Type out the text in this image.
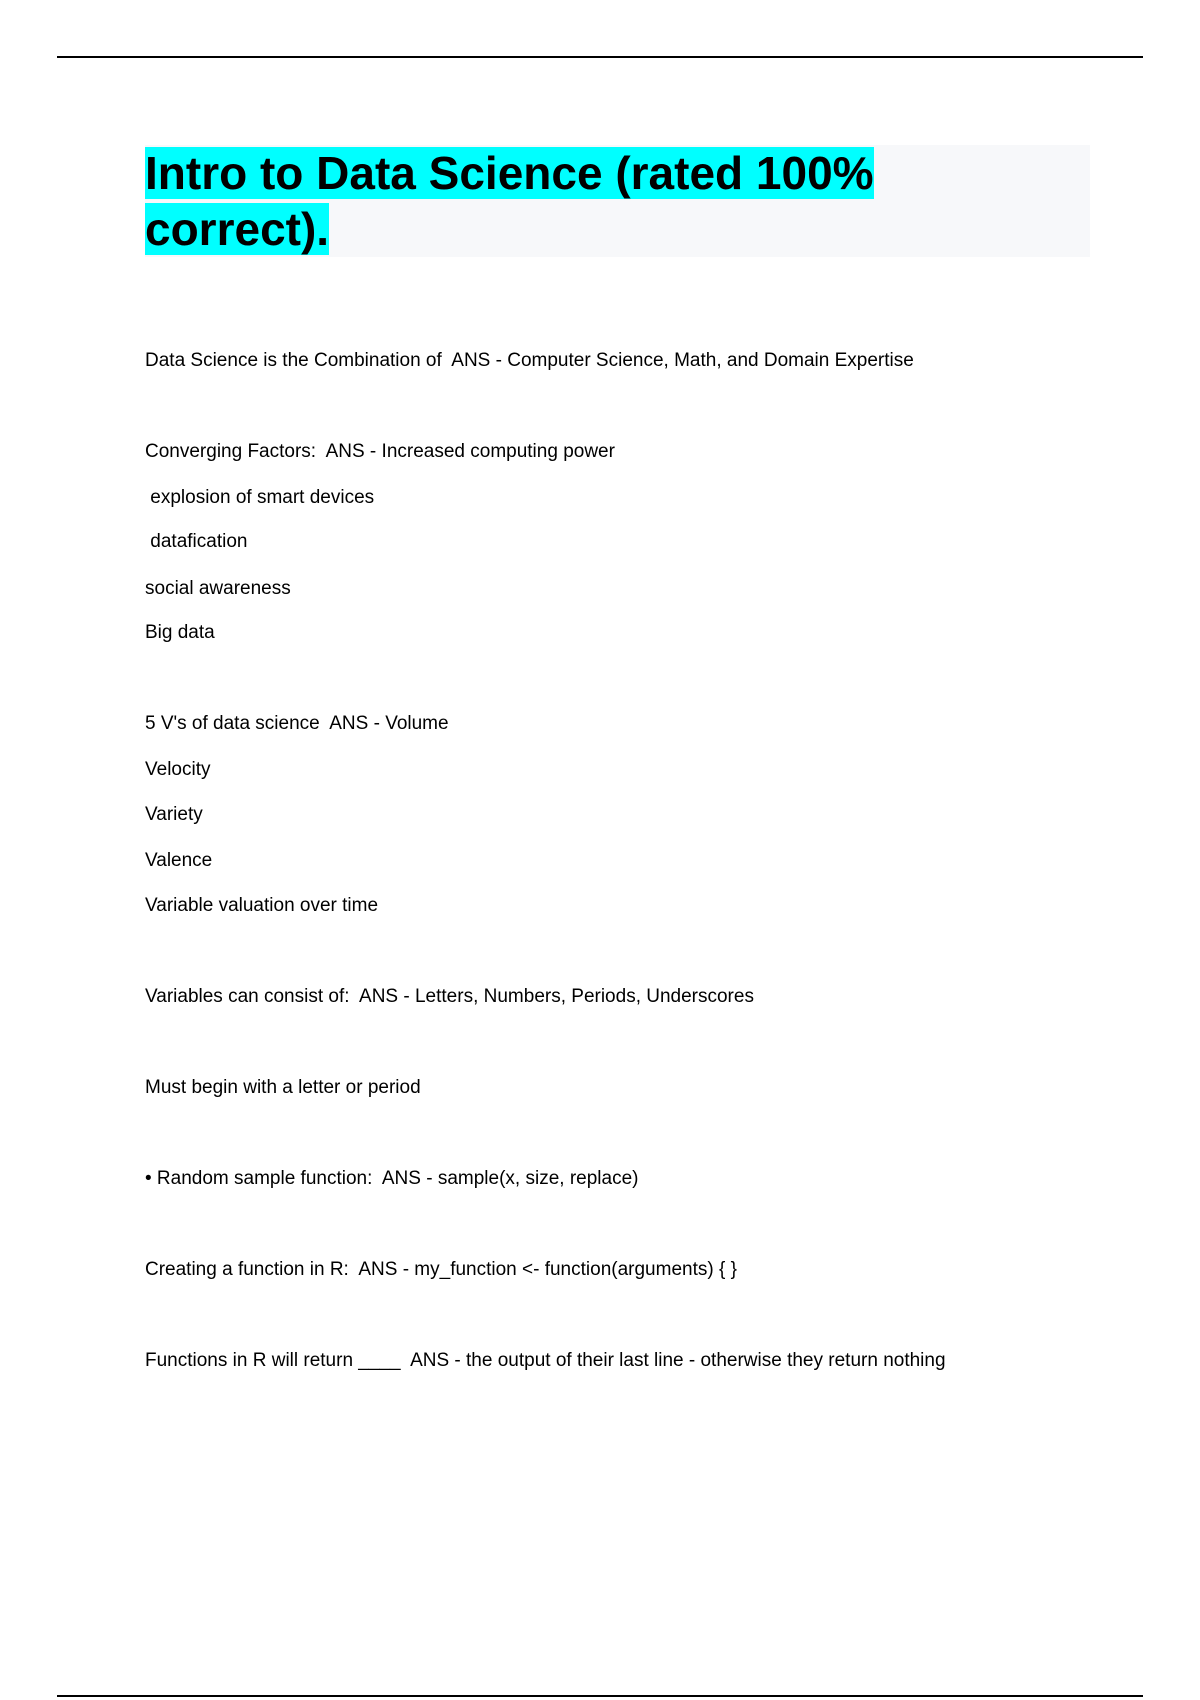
Intro to Data Science (rated 100%
correct).
Data Science is the Combination of  ANS - Computer Science, Math, and Domain Expertise
Converging Factors:  ANS - Increased computing power
explosion of smart devices
datafication
social awareness
Big data
5 V's of data science  ANS - Volume
Velocity
Variety
Valence
Variable valuation over time
Variables can consist of:  ANS - Letters, Numbers, Periods, Underscores
Must begin with a letter or period
• Random sample function:  ANS - sample(x, size, replace)
Creating a function in R:  ANS - my_function <- function(arguments) { }
Functions in R will return ____  ANS - the output of their last line - otherwise they return nothing
